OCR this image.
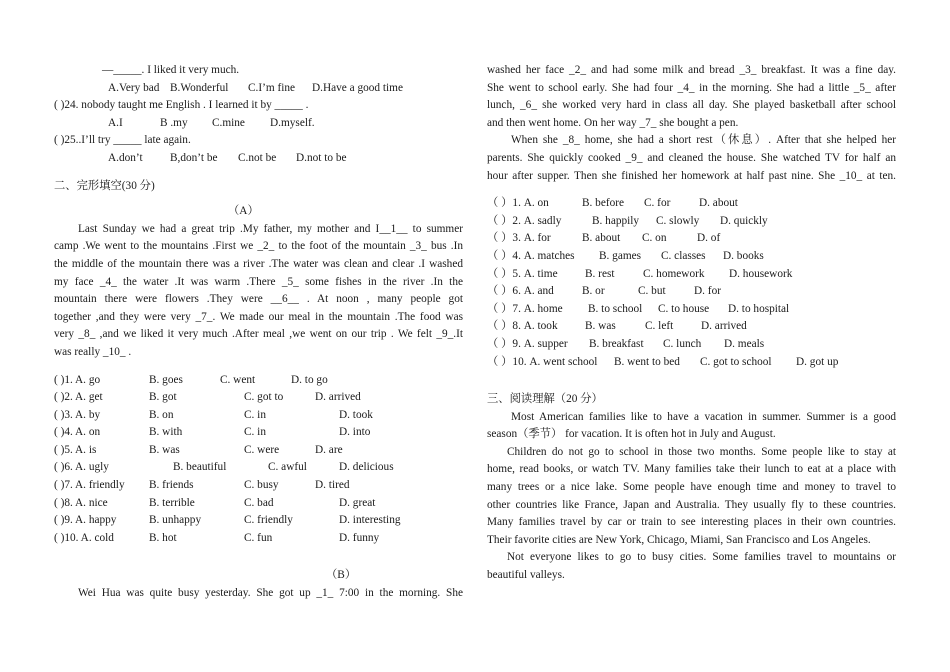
—_____. I liked it very much.
A.Very bad B.Wonderful	C.I’m fine	D.Have a good time
( )24. nobody taught me English . I learned it by _____ .
A.I	B .my	C.mine	D.myself.
( )25..I’ll try _____ late again.
A.don’t	B,don’t be	C.not be	D.not to be
二、完形填空(30 分)
（A）
Last Sunday we had a great trip .My father, my mother and I__1__ to summer
camp .We went to the mountains .First we _2_ to the foot of the mountain _3_ bus .In
the middle of the mountain there was a river .The water was clean and clear .I washed
my face _4_ the water .It was warm .There _5_ some fishes in the river .In the
mountain there were flowers .They were __6__ . At noon , many people got
together ,and they were very _7_. We made our meal in the mountain .The food was
very _8_ ,and we liked it very much .After meal ,we went on our trip . We felt _9_.It
was really _10_ .
( )1. A. go	B. goes	C. went	D. to go
( )2. A. get	B. got	C. got to	D. arrived
( )3. A. by	B. on	C. in	D. took
( )4. A. on	B. with	C. in	D. into
( )5. A. is	B. was	C. were	D. are
( )6. A. ugly	B. beautiful	C. awful	D. delicious
( )7. A. friendly	B. friends	C. busy	D. tired
( )8. A. nice	B. terrible	C. bad	D. great
( )9. A. happy	B. unhappy	C. friendly	D. interesting
( )10. A. cold	B. hot	C. fun	D. funny
（B）
Wei Hua was quite busy yesterday. She got up _1_ 7:00 in the morning. She
washed her face _2_ and had some milk and bread _3_ breakfast. It was a fine day.
She went to school early. She had four _4_ in the morning. She had a little _5_ after
lunch, _6_ she worked very hard in class all day. She played basketball after school
and then went home. On her way _7_ she bought a pen.
When she _8_ home, she had a short rest（休息）. After that she helped her
parents. She quickly cooked _9_ and cleaned the house. She watched TV for half an
hour after supper. Then she finished her homework at half past nine. She _10_ at ten.
（ ）1. A. on	B. before	C. for	D. about
（ ）2. A. sadly	B. happily	C. slowly	D. quickly
（ ）3. A. for	B. about	C. on	D. of
（ ）4. A. matches	B. games	C. classes	D. books
（ ）5. A. time	B. rest	C. homework	D. housework
（ ）6. A. and	B. or	C. but	D. for
（ ）7. A. home	B. to school	C. to house	D. to hospital
（ ）8. A. took	B. was	C. left	D. arrived
（ ）9. A. supper	B. breakfast	C. lunch	D. meals
（ ）10. A. went school	B. went to bed	C. got to school	D. got up
三、阅读理解（20 分）
Most American families like to have a vacation in summer. Summer is a good
season（季节） for vacation. It is often hot in July and August.
Children do not go to school in those two months. Some people like to stay at
home, read books, or watch TV. Many families take their lunch to eat at a place with
many trees or a nice lake. Some people have enough time and money to travel to
other countries like France, Japan and Australia. They usually fly to these countries.
Many families travel by car or train to see interesting places in their own countries.
Their favorite cities are New York, Chicago, Miami, San Francisco and Los Angeles.
Not everyone likes to go to busy cities. Some families travel to mountains or
beautiful valleys.
